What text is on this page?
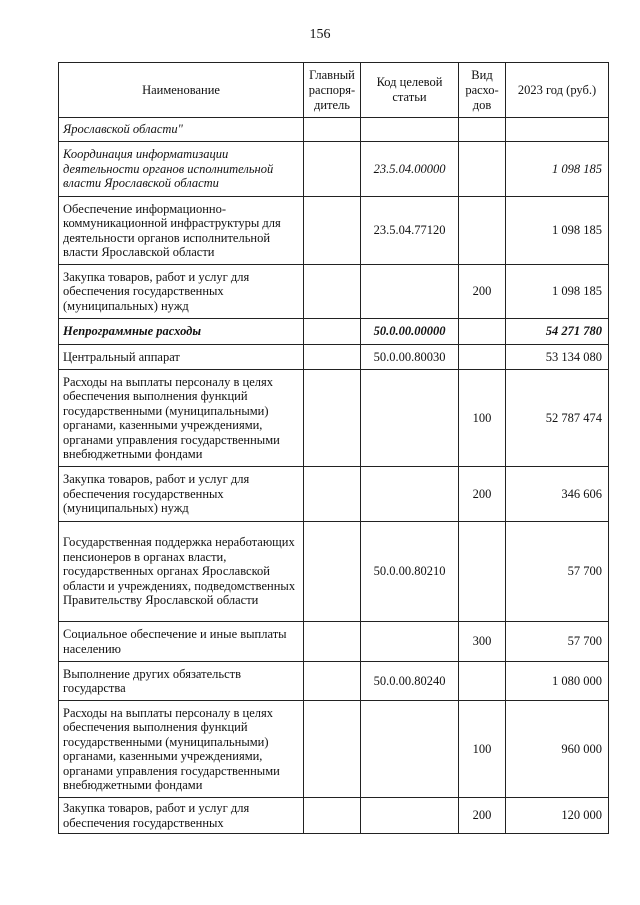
156
Наименование	Главный распоря-дитель	Код целевой статьи	Вид расхо-дов	2023 год (руб.)
Ярославской области"				
Координация информатизации деятельности органов исполнительной власти Ярославской области		23.5.04.00000		1 098 185
Обеспечение информационно-коммуникационной инфраструктуры для деятельности органов исполнительной власти Ярославской области		23.5.04.77120		1 098 185
Закупка товаров, работ и услуг для обеспечения государственных (муниципальных) нужд			200	1 098 185
Непрограммные расходы		50.0.00.00000		54 271 780
Центральный аппарат		50.0.00.80030		53 134 080
Расходы на выплаты персоналу в целях обеспечения выполнения функций государственными (муниципальными) органами, казенными учреждениями, органами управления государственными внебюджетными фондами			100	52 787 474
Закупка товаров, работ и услуг для обеспечения государственных (муниципальных) нужд			200	346 606
Государственная поддержка неработающих пенсионеров в органах власти, государственных органах Ярославской области и учреждениях, подведомственных Правительству Ярославской области		50.0.00.80210		57 700
Социальное обеспечение и иные выплаты населению			300	57 700
Выполнение других обязательств государства		50.0.00.80240		1 080 000
Расходы на выплаты персоналу в целях обеспечения выполнения функций государственными (муниципальными) органами, казенными учреждениями, органами управления государственными внебюджетными фондами			100	960 000
Закупка товаров, работ и услуг для обеспечения государственных			200	120 000
